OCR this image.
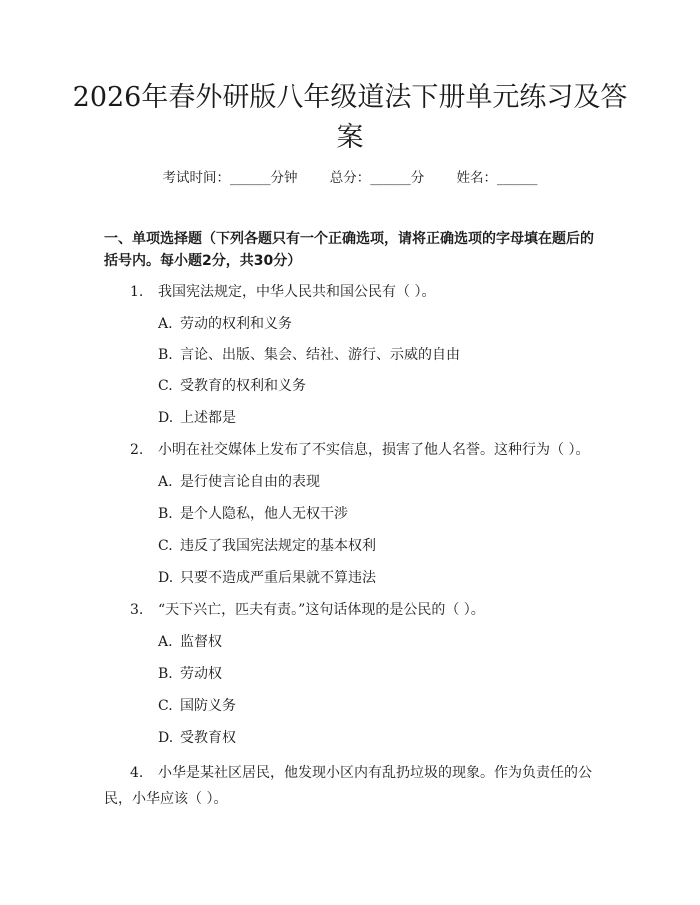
2026年春外研版八年级道法下册单元练习及答案
考试时间：______分钟 总分：______分 姓名：______

一、单项选择题（下列各题只有一个正确选项，请将正确选项的字母填在题后的括号内。每小题2分，共30分）

1. 我国宪法规定，中华人民共和国公民有（ ）。
A. 劳动的权利和义务
B. 言论、出版、集会、结社、游行、示威的自由
C. 受教育的权利和义务
D. 上述都是
2. 小明在社交媒体上发布了不实信息，损害了他人名誉。这种行为（ ）。
A. 是行使言论自由的表现
B. 是个人隐私，他人无权干涉
C. 违反了我国宪法规定的基本权利
D. 只要不造成严重后果就不算违法
3. “天下兴亡，匹夫有责。”这句话体现的是公民的（ ）。
A. 监督权
B. 劳动权
C. 国防义务
D. 受教育权
4. 小华是某社区居民，他发现小区内有乱扔垃圾的现象。作为负责任的公民，小华应该（ ）。
